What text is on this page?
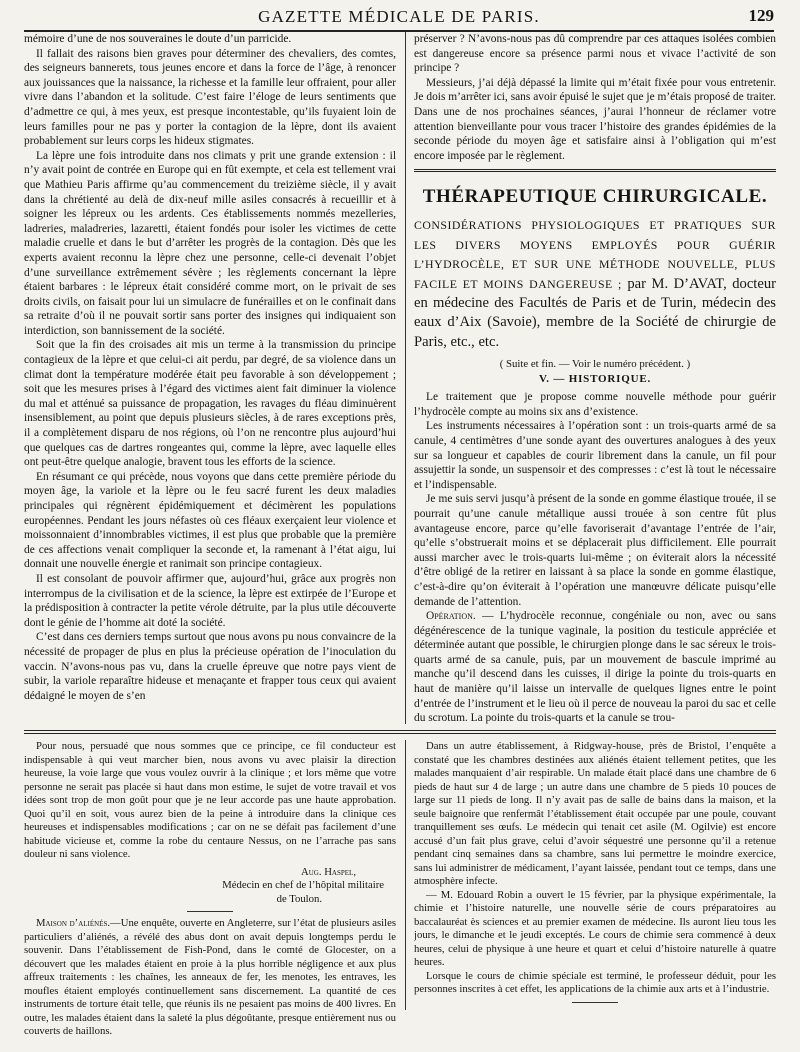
GAZETTE MÉDICALE DE PARIS.	129

mémoire d’une de nos souveraines le doute d’un parricide.

Il fallait des raisons bien graves pour déterminer des chevaliers, des comtes, des seigneurs bannerets, tous jeunes encore et dans la force de l’âge, à renoncer aux jouissances que la naissance, la richesse et la famille leur offraient, pour aller vivre dans l’abandon et la solitude. C’est faire l’éloge de leurs sentiments que d’admettre ce qui, à mes yeux, est presque incontestable, qu’ils fuyaient loin de leurs familles pour ne pas y porter la contagion de la lèpre, dont ils avaient probablement sur leurs corps les hideux stigmates.

La lèpre une fois introduite dans nos climats y prit une grande extension : il n’y avait point de contrée en Europe qui en fût exempte, et cela est tellement vrai que Mathieu Paris affirme qu’au commencement du treizième siècle, il y avait dans la chrétienté au delà de dix-neuf mille asiles consacrés à recueillir et à soigner les lépreux ou les ardents. Ces établissements nommés mezelleries, ladreries, maladreries, lazaretti, étaient fondés pour isoler les victimes de cette maladie cruelle et dans le but d’arrêter les progrès de la contagion. Dès que les experts avaient reconnu la lèpre chez une personne, celle-ci devenait l’objet d’une surveillance extrêmement sévère ; les règlements concernant la lèpre étaient barbares : le lépreux était considéré comme mort, on le privait de ses droits civils, on faisait pour lui un simulacre de funérailles et on le confinait dans sa retraite d’où il ne pouvait sortir sans porter des insignes qui indiquaient son interdiction, son bannissement de la société.

Soit que la fin des croisades ait mis un terme à la transmission du principe contagieux de la lèpre et que celui-ci ait perdu, par degré, de sa violence dans un climat dont la température modérée était peu favorable à son développement ; soit que les mesures prises à l’égard des victimes aient fait diminuer la violence du mal et atténué sa puissance de propagation, les ravages du fléau diminuèrent insensiblement, au point que depuis plusieurs siècles, à de rares exceptions près, il a complètement disparu de nos régions, où l’on ne rencontre plus aujourd’hui que quelques cas de dartres rongeantes qui, comme la lèpre, avec laquelle elles ont peut-être quelque analogie, bravent tous les efforts de la science.

En résumant ce qui précède, nous voyons que dans cette première période du moyen âge, la variole et la lèpre ou le feu sacré furent les deux maladies principales qui régnèrent épidémiquement et décimèrent les populations européennes. Pendant les jours néfastes où ces fléaux exerçaient leur violence et moissonnaient d’innombrables victimes, il est plus que probable que la première de ces affections venait compliquer la seconde et, la ramenant à l’état aigu, lui donnait une nouvelle énergie et ranimait son principe contagieux.

Il est consolant de pouvoir affirmer que, aujourd’hui, grâce aux progrès non interrompus de la civilisation et de la science, la lèpre est extirpée de l’Europe et la prédisposition à contracter la petite vérole détruite, par la plus utile découverte dont le génie de l’homme ait doté la société.

C’est dans ces derniers temps surtout que nous avons pu nous convaincre de la nécessité de propager de plus en plus la précieuse opération de l’inoculation du vaccin. N’avons-nous pas vu, dans la cruelle épreuve que notre pays vient de subir, la variole reparaître hideuse et menaçante et frapper tous ceux qui avaient dédaigné le moyen de s’en

préserver ? N’avons-nous pas dû comprendre par ces attaques isolées combien est dangereuse encore sa présence parmi nous et vivace l’activité de son principe ?

Messieurs, j’ai déjà dépassé la limite qui m’était fixée pour vous entretenir. Je dois m’arrêter ici, sans avoir épuisé le sujet que je m’étais proposé de traiter. Dans une de nos prochaines séances, j’aurai l’honneur de réclamer votre attention bienveillante pour vous tracer l’histoire des grandes épidémies de la seconde période du moyen âge et satisfaire ainsi à l’obligation qui m’est encore imposée par le règlement.

THÉRAPEUTIQUE CHIRURGICALE.

CONSIDÉRATIONS PHYSIOLOGIQUES ET PRATIQUES SUR LES DIVERS MOYENS EMPLOYÉS POUR GUÉRIR L’HYDROCÈLE, ET SUR UNE MÉTHODE NOUVELLE, PLUS FACILE ET MOINS DANGEREUSE ; par M. D’AVAT, docteur en médecine des Facultés de Paris et de Turin, médecin des eaux d’Aix (Savoie), membre de la Société de chirurgie de Paris, etc., etc.

( Suite et fin. — Voir le numéro précédent. )

V. — HISTORIQUE.

Le traitement que je propose comme nouvelle méthode pour guérir l’hydrocèle compte au moins six ans d’existence.

Les instruments nécessaires à l’opération sont : un trois-quarts armé de sa canule, 4 centimètres d’une sonde ayant des ouvertures analogues à des yeux sur sa longueur et capables de courir librement dans la canule, un fil pour assujettir la sonde, un suspensoir et des compresses : c’est là tout le nécessaire et l’indispensable.

Je me suis servi jusqu’à présent de la sonde en gomme élastique trouée, il se pourrait qu’une canule métallique aussi trouée à son centre fût plus avantageuse encore, parce qu’elle favoriserait d’avantage l’entrée de l’air, qu’elle s’obstruerait moins et se déplacerait plus difficilement. Elle pourrait aussi marcher avec le trois-quarts lui-même ; on éviterait alors la nécessité d’être obligé de la retirer en laissant à sa place la sonde en gomme élastique, c’est-à-dire qu’on éviterait à l’opération une manœuvre délicate puisqu’elle demande de l’attention.

Opération. — L’hydrocèle reconnue, congéniale ou non, avec ou sans dégénérescence de la tunique vaginale, la position du testicule appréciée et déterminée autant que possible, le chirurgien plonge dans le sac séreux le trois-quarts armé de sa canule, puis, par un mouvement de bascule imprimé au manche qu’il descend dans les cuisses, il dirige la pointe du trois-quarts en haut de manière qu’il laisse un intervalle de quelques lignes entre le point d’entrée de l’instrument et le lieu où il perce de nouveau la paroi du sac et celle du scrotum. La pointe du trois-quarts et la canule se trou-

Pour nous, persuadé que nous sommes que ce principe, ce fil conducteur est indispensable à qui veut marcher bien, nous avons vu avec plaisir la direction heureuse, la voie large que vous voulez ouvrir à la clinique ; et lors même que votre personne ne serait pas placée si haut dans mon estime, le sujet de votre travail et vos idées sont trop de mon goût pour que je ne leur accorde pas une haute approbation. Quoi qu’il en soit, vous aurez bien de la peine à introduire dans la clinique ces heureuses et indispensables modifications ; car on ne se défait pas facilement d’une habitude vicieuse et, comme la robe du centaure Nessus, on ne l’arrache pas sans douleur ni sans violence.

Aug. Haspel,
Médecin en chef de l’hôpital militaire
de Toulon.

Maison d’aliénés.—Une enquête, ouverte en Angleterre, sur l’état de plusieurs asiles particuliers d’aliénés, a révélé des abus dont on avait depuis longtemps perdu le souvenir. Dans l’établissement de Fish-Pond, dans le comté de Glocester, on a découvert que les malades étaient en proie à la plus horrible négligence et aux plus affreux traitements : les chaînes, les anneaux de fer, les menotes, les entraves, les moufles étaient employés continuellement sans discernement. La quantité de ces instruments de torture était telle, que réunis ils ne pesaient pas moins de 400 livres. En outre, les malades étaient dans la saleté la plus dégoûtante, presque entièrement nus ou couverts de haillons.

Dans un autre établissement, à Ridgway-house, près de Bristol, l’enquête a constaté que les chambres destinées aux aliénés étaient tellement petites, que les malades manquaient d’air respirable. Un malade était placé dans une chambre de 6 pieds de haut sur 4 de large ; un autre dans une chambre de 5 pieds 10 pouces de large sur 11 pieds de long. Il n’y avait pas de salle de bains dans la maison, et la seule baignoire que renfermât l’établissement était occupée par une poule, couvant tranquillement ses œufs. Le médecin qui tenait cet asile (M. Ogilvie) est encore accusé d’un fait plus grave, celui d’avoir séquestré une personne qu’il a retenue pendant cinq semaines dans sa chambre, sans lui permettre le moindre exercice, sans lui administrer de médicament, l’ayant laissée, pendant tout ce temps, dans une atmosphère infecte.

— M. Edouard Robin a ouvert le 15 février, par la physique expérimentale, la chimie et l’histoire naturelle, une nouvelle série de cours préparatoires au baccalauréat ès sciences et au premier examen de médecine. Ils auront lieu tous les jours, le dimanche et le jeudi exceptés. Le cours de chimie sera commencé à deux heures, celui de physique à une heure et quart et celui d’histoire naturelle à quatre heures.

Lorsque le cours de chimie spéciale est terminé, le professeur déduit, pour les personnes inscrites à cet effet, les applications de la chimie aux arts et à l’industrie.
